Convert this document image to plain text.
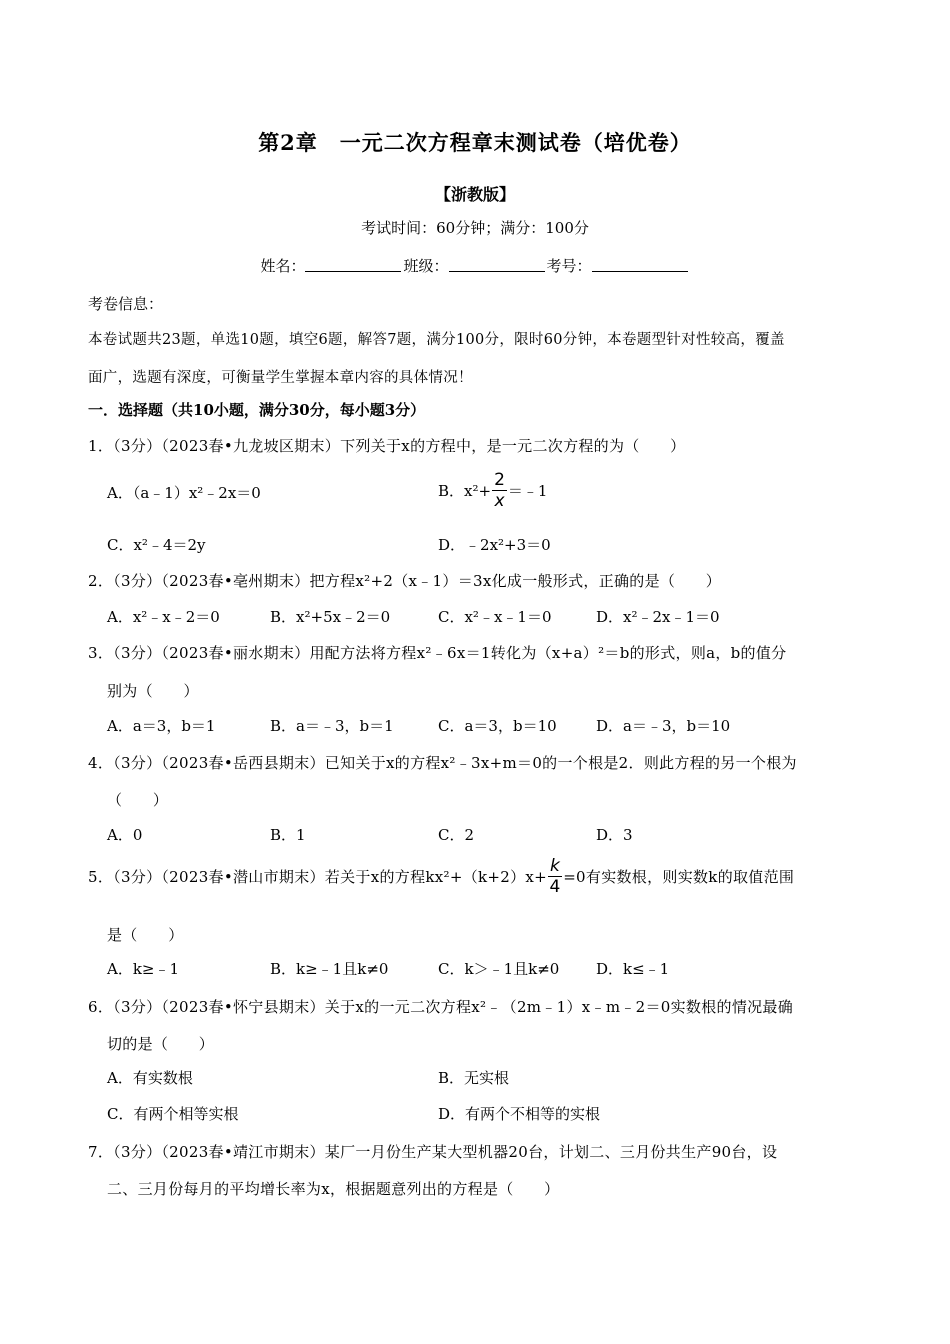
第2章　一元二次方程章末测试卷（培优卷）
【浙教版】
考试时间：60分钟；满分：100分
姓名：	班级：	考号：
考卷信息：
本卷试题共23题，单选10题，填空6题，解答7题，满分100分，限时60分钟，本卷题型针对性较高，覆盖
面广，选题有深度，可衡量学生掌握本章内容的具体情况！
一．选择题（共10小题，满分30分，每小题3分）
1．（3分）（2023春•九龙坡区期末）下列关于x的方程中，是一元二次方程的为（　　）
A．（a﹣1）x²﹣2x＝0	B．$x^2+ \frac{2}{x}$ ＝﹣1
C．x²﹣4＝2y	D．﹣2x²+3＝0
2．（3分）（2023春•亳州期末）把方程x²+2（x﹣1）＝3x化成一般形式，正确的是（　　）
A．x²﹣x﹣2＝0	B．x²+5x﹣2＝0	C．x²﹣x﹣1＝0	D．x²﹣2x﹣1＝0
3．（3分）（2023春•丽水期末）用配方法将方程x²﹣6x＝1转化为（x+a）²＝b的形式，则a，b的值分
别为（　　）
A．a＝3，b＝1	B．a＝﹣3，b＝1	C．a＝3，b＝10	D．a＝﹣3，b＝10
4．（3分）（2023春•岳西县期末）已知关于x的方程x²﹣3x+m＝0的一个根是2．则此方程的另一个根为
（　　）
A．0	B．1	C．2	D．3
5．（3分）（2023春•潜山市期末）若关于x的方程$kx^2+(k+2)x+ \frac{k}{4} =0$有实数根，则实数k的取值范围
是（　　）
A．k≥﹣1	B．k≥﹣1且k≠0	C．k＞﹣1且k≠0 D．k≤﹣1
6．（3分）（2023春•怀宁县期末）关于x的一元二次方程x²﹣（2m﹣1）x﹣m﹣2＝0实数根的情况最确
切的是（　　）
A．有实数根	B．无实根
C．有两个相等实根	D．有两个不相等的实根
7．（3分）（2023春•靖江市期末）某厂一月份生产某大型机器20台，计划二、三月份共生产90台，设
二、三月份每月的平均增长率为x，根据题意列出的方程是（　　）
